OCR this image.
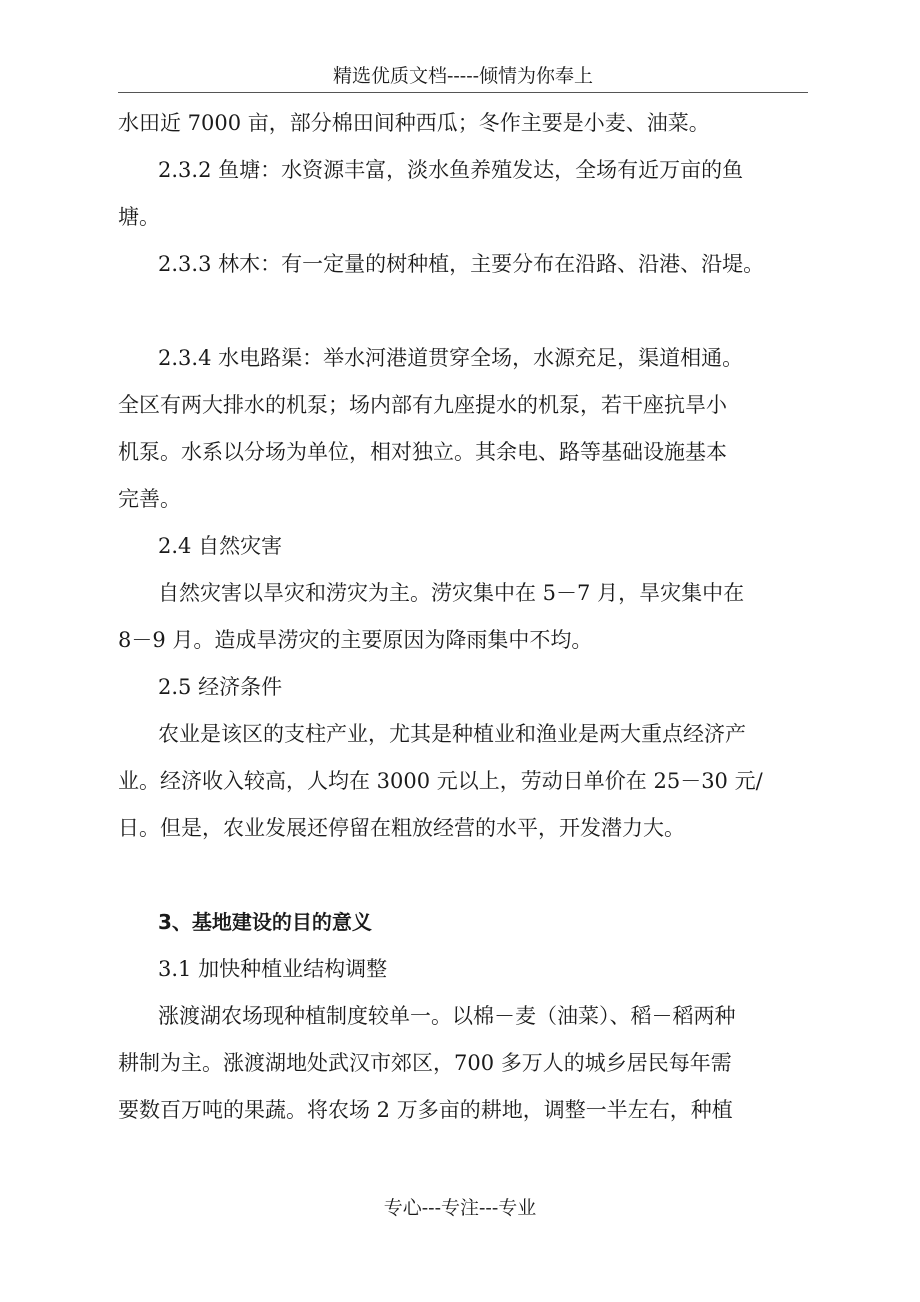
精选优质文档-----倾情为你奉上

水田近 7000 亩，部分棉田间种西瓜；冬作主要是小麦、油菜。

2.3.2 鱼塘：水资源丰富，淡水鱼养殖发达，全场有近万亩的鱼

塘。

2.3.3 林木：有一定量的树种植，主要分布在沿路、沿港、沿堤。

2.3.4 水电路渠：举水河港道贯穿全场，水源充足，渠道相通。

全区有两大排水的机泵；场内部有九座提水的机泵，若干座抗旱小

机泵。水系以分场为单位，相对独立。其余电、路等基础设施基本

完善。

2.4 自然灾害

自然灾害以旱灾和涝灾为主。涝灾集中在 5－7 月，旱灾集中在

8－9 月。造成旱涝灾的主要原因为降雨集中不均。

2.5 经济条件

农业是该区的支柱产业，尤其是种植业和渔业是两大重点经济产

业。经济收入较高，人均在 3000 元以上，劳动日单价在 25－30 元/

日。但是，农业发展还停留在粗放经营的水平，开发潜力大。

3、基地建设的目的意义

3.1 加快种植业结构调整

涨渡湖农场现种植制度较单一。以棉－麦（油菜）、稻－稻两种

耕制为主。涨渡湖地处武汉市郊区，700 多万人的城乡居民每年需

要数百万吨的果蔬。将农场 2 万多亩的耕地，调整一半左右，种植

专心---专注---专业
